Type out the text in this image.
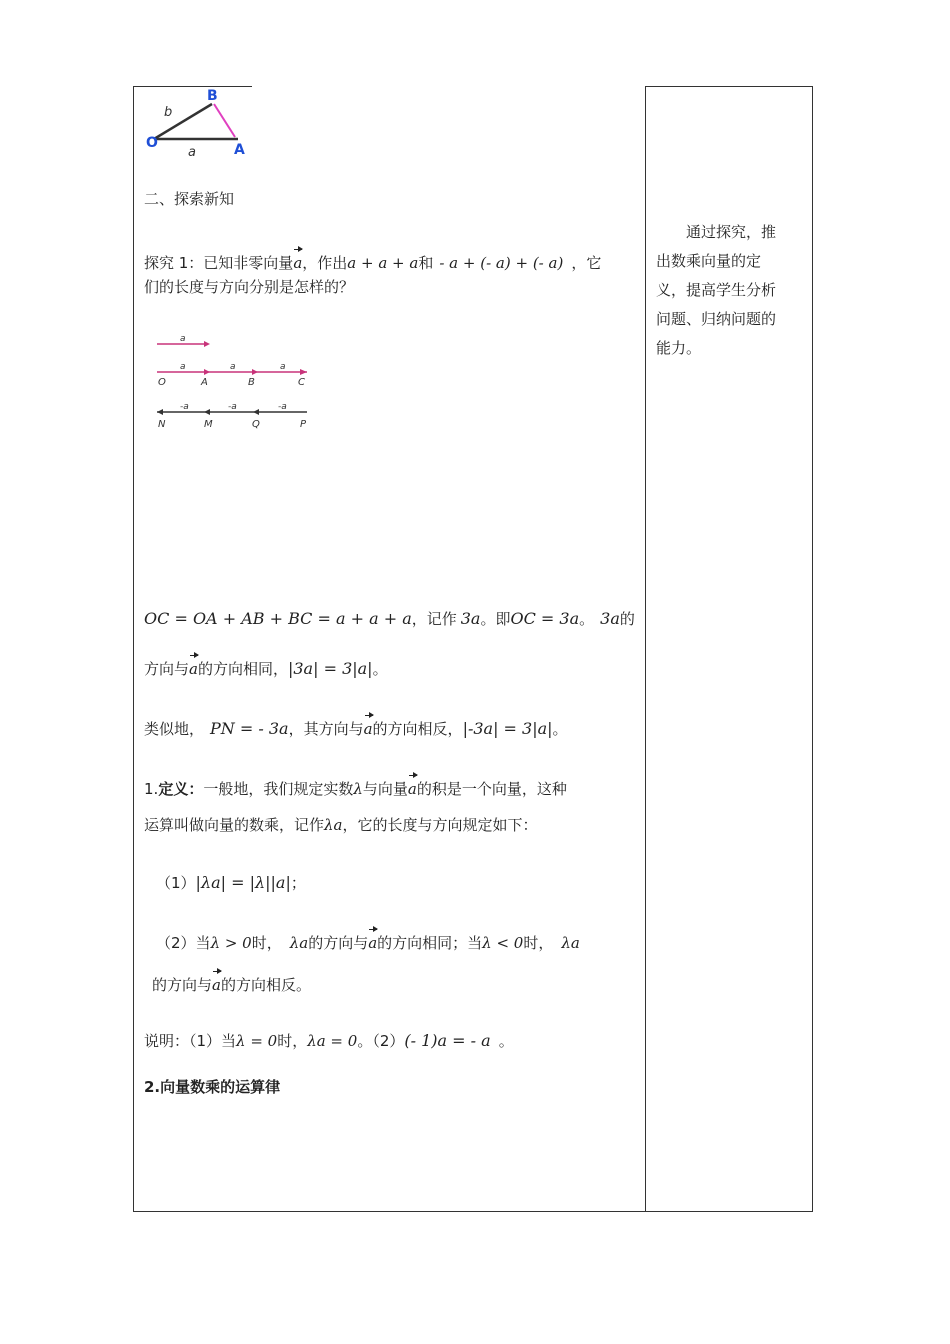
O
B
A
b
a
二、探索新知
探究 1：已知非零向量a，作出a + a + a和 - a + (- a) + (- a) ，它
们的长度与方向分别是怎样的？
a
a	a	a
O	A	B	C
-a	-a	-a
N	M	Q	P
OC = OA + AB + BC = a + a + a，记作 3a。即OC = 3a。 3a的
方向与a的方向相同，|3a| = 3|a|。
类似地， PN = - 3a，其方向与a的方向相反，|-3a| = 3|a|。
1.定义：一般地，我们规定实数λ与向量a的积是一个向量，这种
运算叫做向量的数乘，记作λa，它的长度与方向规定如下：
（1）|λa| = |λ||a|；
（2）当λ > 0时， λa的方向与a的方向相同；当λ < 0时， λa
的方向与a的方向相反。
说明：（1）当λ = 0时，λa = 0。（2）(- 1)a = - a 。
2.向量数乘的运算律
通过探究，推
出数乘向量的定
义，提高学生分析
问题、归纳问题的
能力。
